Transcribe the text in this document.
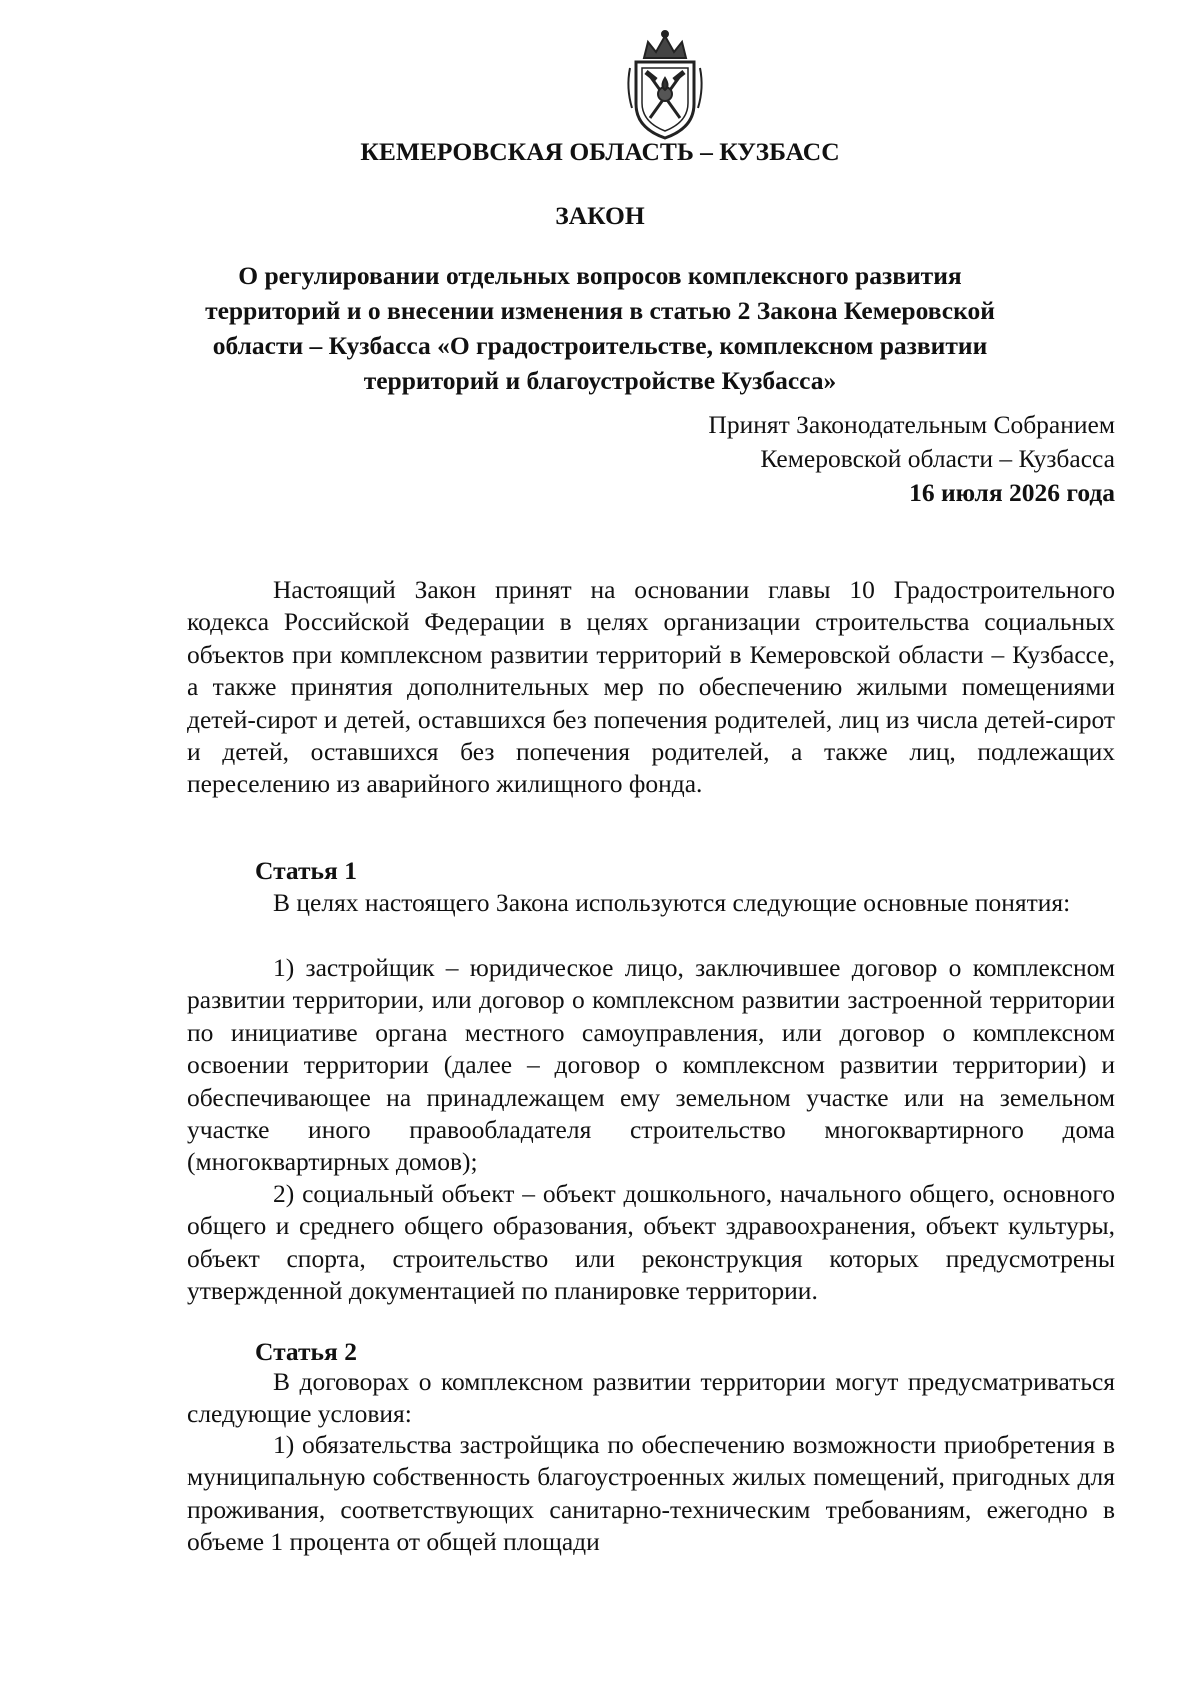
КЕМЕРОВСКАЯ ОБЛАСТЬ – КУЗБАСС
ЗАКОН
О регулировании отдельных вопросов комплексного развития территорий и о внесении изменения в статью 2 Закона Кемеровской области – Кузбасса «О градостроительстве, комплексном развитии территорий и благоустройстве Кузбасса»
Принят Законодательным Собранием
Кемеровской области – Кузбасса
16 июля 2026 года

Настоящий Закон принят на основании главы 10 Градостроительного кодекса Российской Федерации в целях организации строительства социальных объектов при комплексном развитии территорий в Кемеровской области – Кузбассе, а также принятия дополнительных мер по обеспечению жилыми помещениями детей-сирот и детей, оставшихся без попечения родителей, лиц из числа детей-сирот и детей, оставшихся без попечения родителей, а также лиц, подлежащих переселению из аварийного жилищного фонда.

Статья 1

В целях настоящего Закона используются следующие основные понятия:

1) застройщик – юридическое лицо, заключившее договор о комплексном развитии территории, или договор о комплексном развитии застроенной территории по инициативе органа местного самоуправления, или договор о комплексном освоении территории (далее – договор о комплексном развитии территории) и обеспечивающее на принадлежащем ему земельном участке или на земельном участке иного правообладателя строительство многоквартирного дома (многоквартирных домов);

2) социальный объект – объект дошкольного, начального общего, основного общего и среднего общего образования, объект здравоохранения, объект культуры, объект спорта, строительство или реконструкция которых предусмотрены утвержденной документацией по планировке территории.

Статья 2

В договорах о комплексном развитии территории могут предусматриваться следующие условия:

1) обязательства застройщика по обеспечению возможности приобретения в муниципальную собственность благоустроенных жилых помещений, пригодных для проживания, соответствующих санитарно-техническим требованиям, ежегодно в объеме 1 процента от общей площади
